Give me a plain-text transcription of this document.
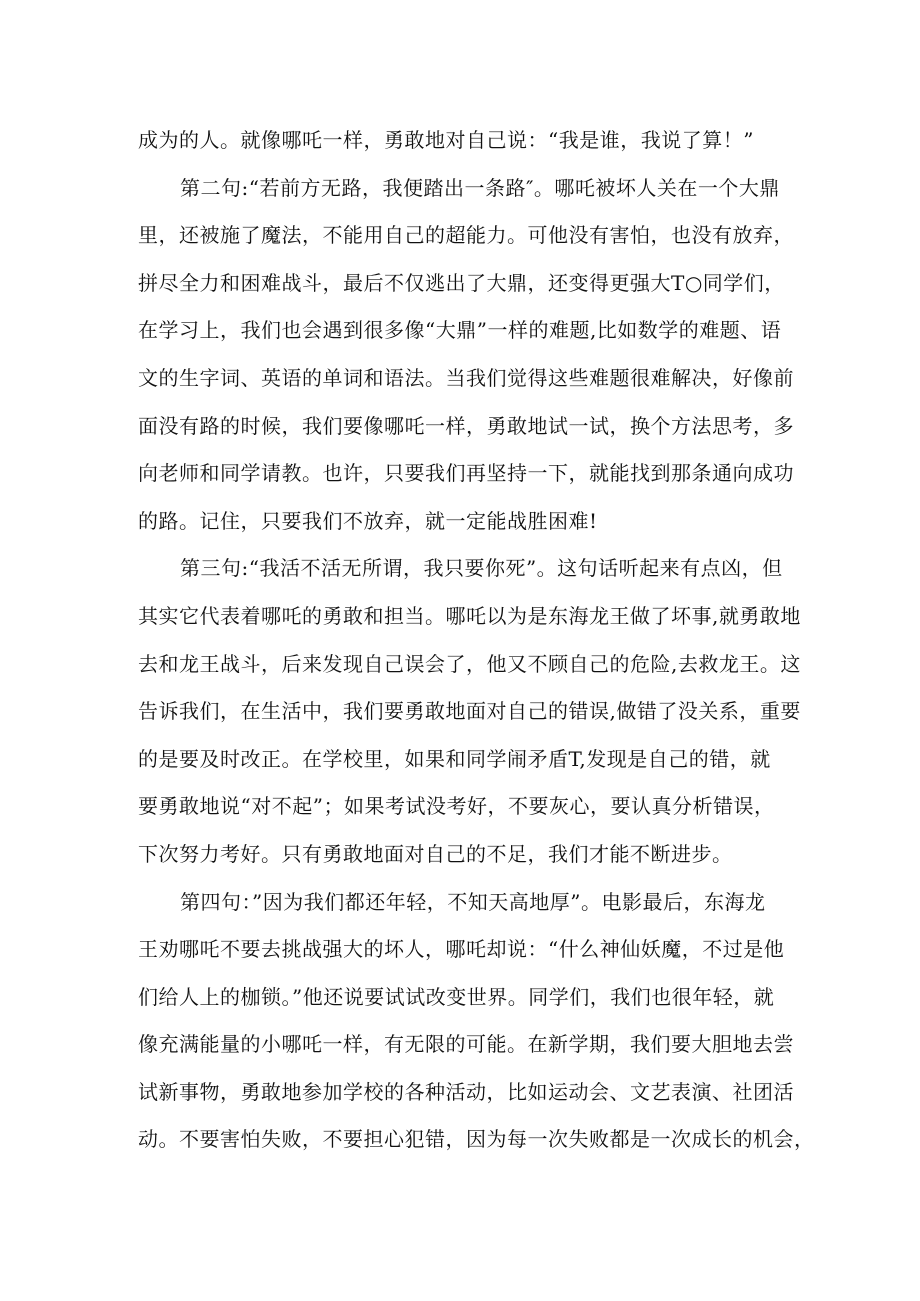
成为的人。就像哪吒一样，勇敢地对自己说：“我是谁，我说了算！”
第二句:“若前方无路，我便踏出一条路″。哪吒被坏人关在一个大鼎
里，还被施了魔法，不能用自己的超能力。可他没有害怕，也没有放弃，
拼尽全力和困难战斗，最后不仅逃出了大鼎，还变得更强大T○同学们，
在学习上，我们也会遇到很多像“大鼎”一样的难题,比如数学的难题、语
文的生字词、英语的单词和语法。当我们觉得这些难题很难解决，好像前
面没有路的时候，我们要像哪吒一样，勇敢地试一试，换个方法思考，多
向老师和同学请教。也许，只要我们再坚持一下，就能找到那条通向成功
的路。记住，只要我们不放弃，就一定能战胜困难!
第三句:“我活不活无所谓，我只要你死”。这句话听起来有点凶，但
其实它代表着哪吒的勇敢和担当。哪吒以为是东海龙王做了坏事,就勇敢地
去和龙王战斗，后来发现自己误会了，他又不顾自己的危险,去救龙王。这
告诉我们，在生活中，我们要勇敢地面对自己的错误,做错了没关系，重要
的是要及时改正。在学校里，如果和同学闹矛盾T,发现是自己的错，就
要勇敢地说“对不起”；如果考试没考好，不要灰心，要认真分析错误，
下次努力考好。只有勇敢地面对自己的不足，我们才能不断进步。
第四句：”因为我们都还年轻，不知天高地厚”。电影最后，东海龙
王劝哪吒不要去挑战强大的坏人，哪吒却说：“什么神仙妖魔，不过是他
们给人上的枷锁。”他还说要试试改变世界。同学们，我们也很年轻，就
像充满能量的小哪吒一样，有无限的可能。在新学期，我们要大胆地去尝
试新事物，勇敢地参加学校的各种活动，比如运动会、文艺表演、社团活
动。不要害怕失败，不要担心犯错，因为每一次失败都是一次成长的机会，
